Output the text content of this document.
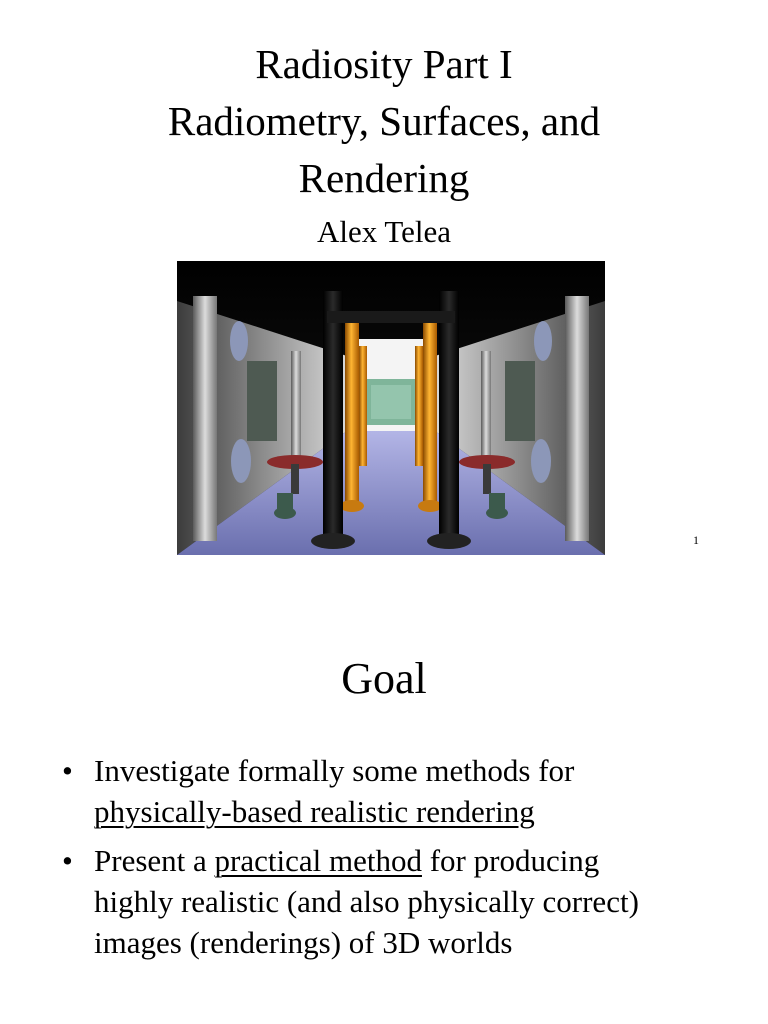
Radiosity Part I
Radiometry, Surfaces, and
Rendering
Alex Telea
1
Goal
• Investigate formally some methods for
physically-based realistic rendering
• Present a practical method for producing
highly realistic (and also physically correct)
images (renderings) of 3D worlds
